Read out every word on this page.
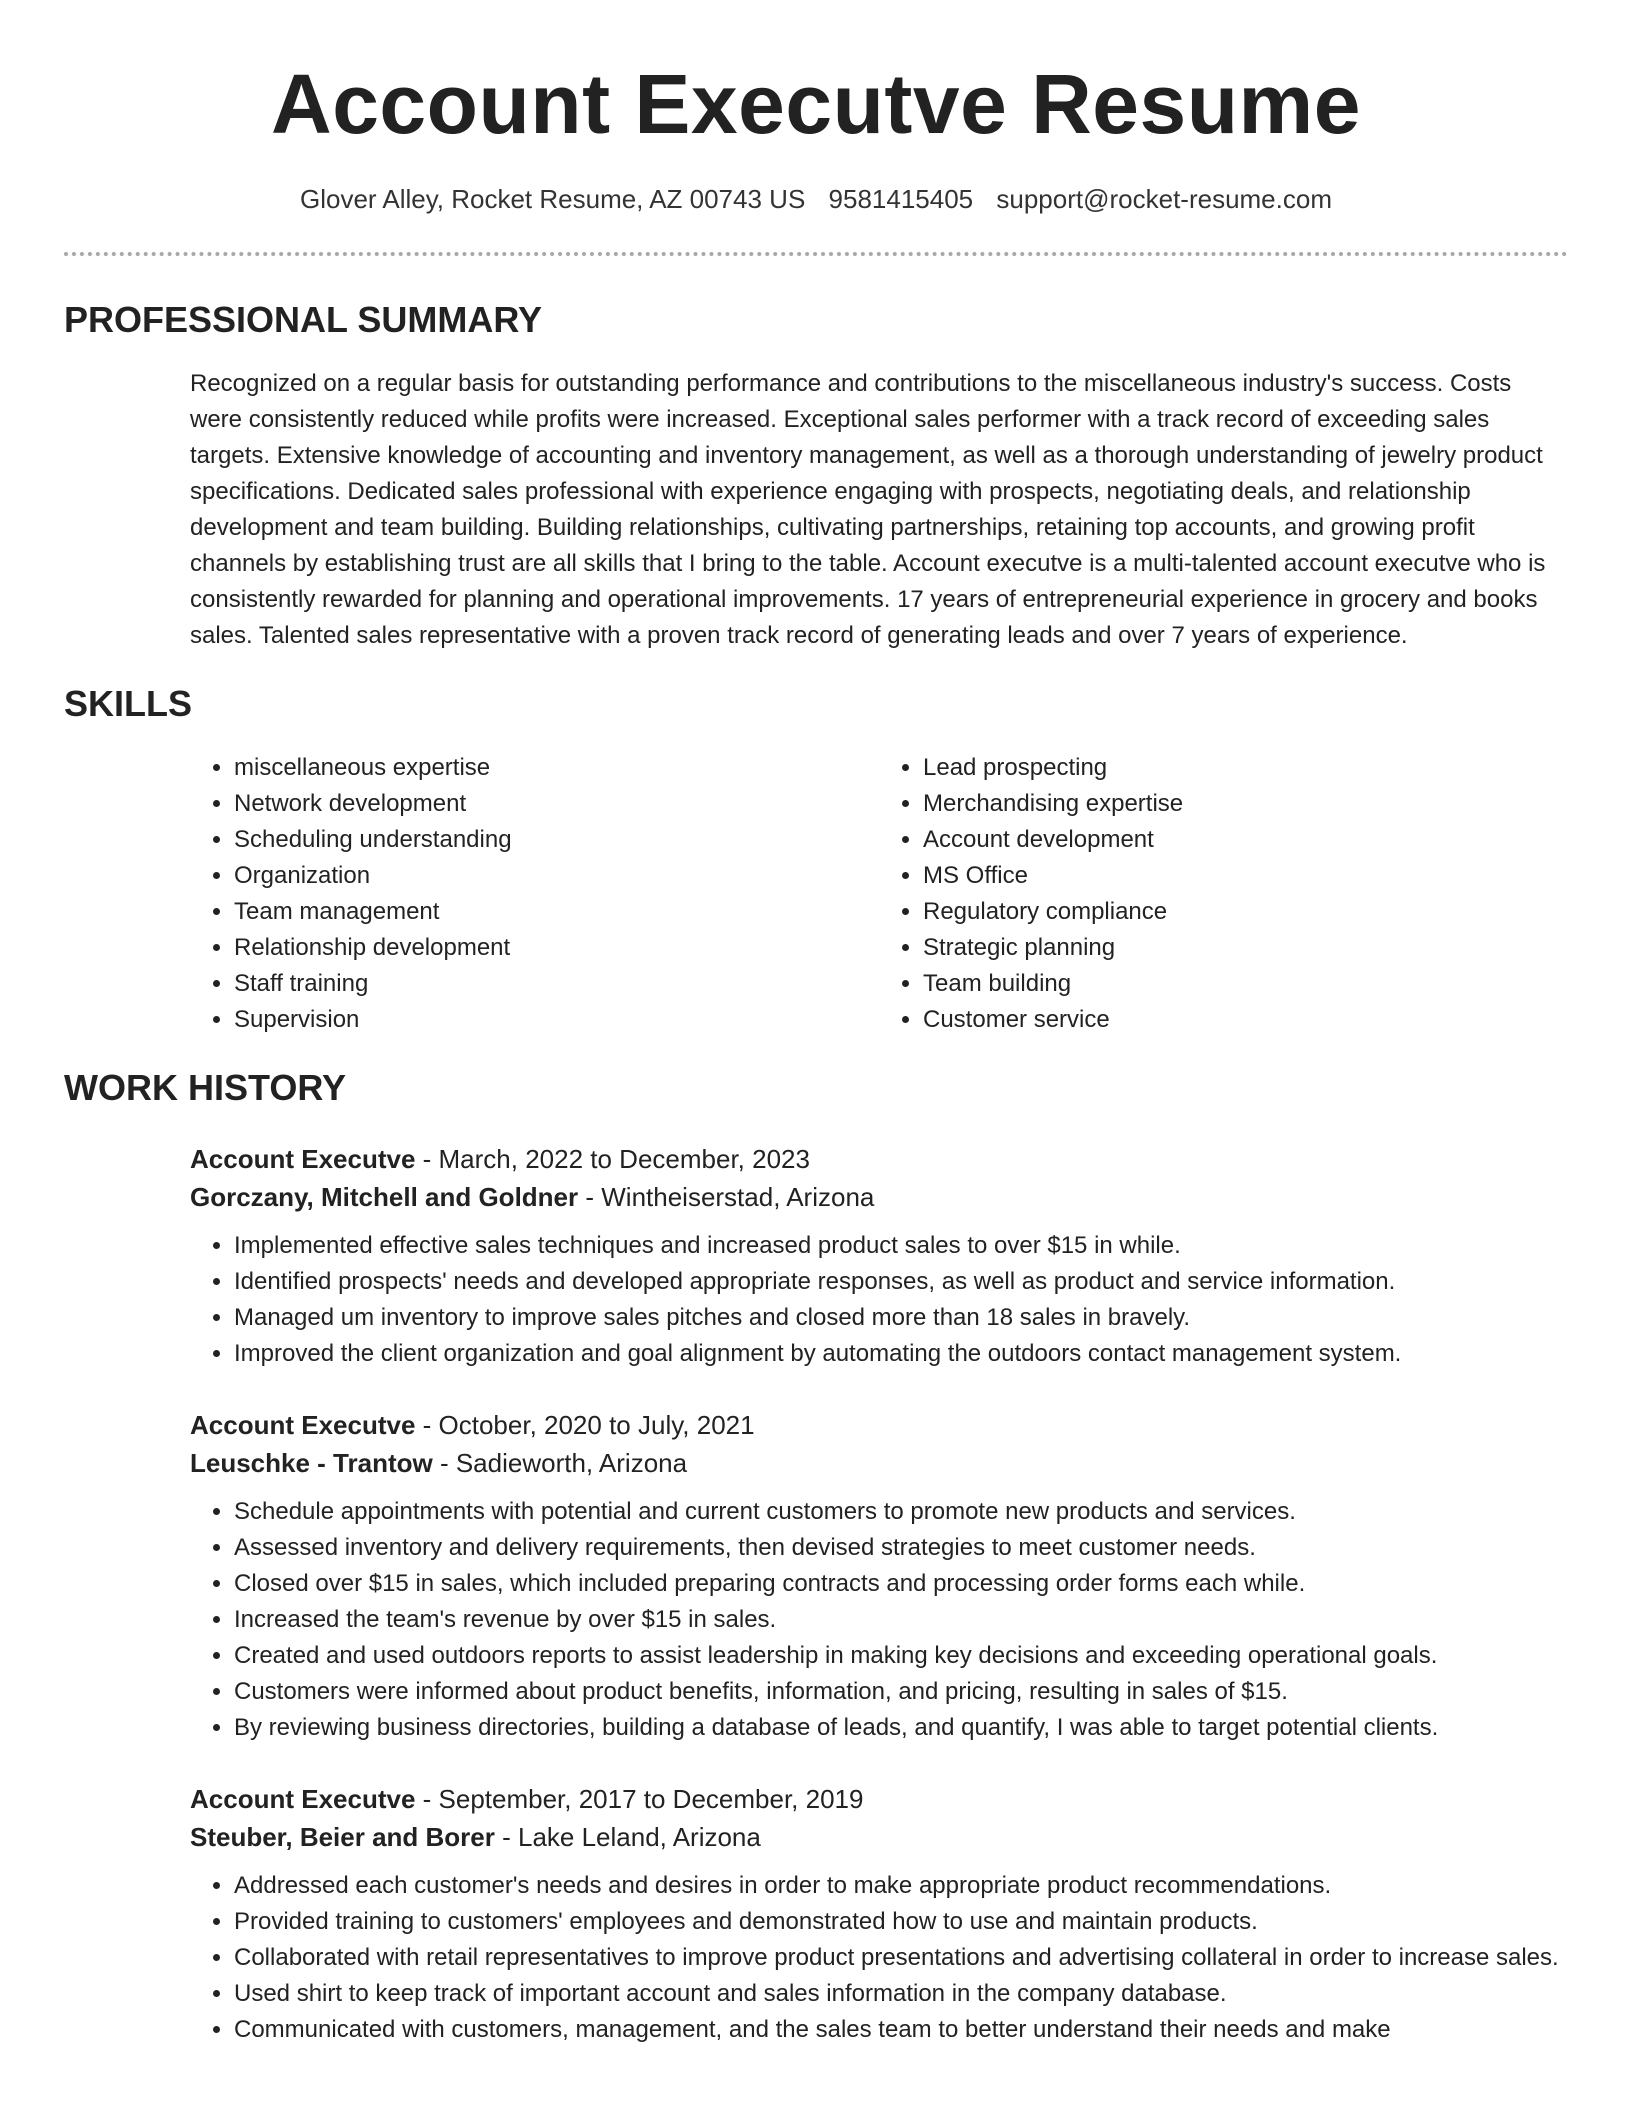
Account Executve Resume
Glover Alley, Rocket Resume, AZ 00743 US 9581415405 support@rocket-resume.com
PROFESSIONAL SUMMARY

Recognized on a regular basis for outstanding performance and contributions to the miscellaneous industry's success. Costs were consistently reduced while profits were increased. Exceptional sales performer with a track record of exceeding sales targets. Extensive knowledge of accounting and inventory management, as well as a thorough understanding of jewelry product specifications. Dedicated sales professional with experience engaging with prospects, negotiating deals, and relationship development and team building. Building relationships, cultivating partnerships, retaining top accounts, and growing profit channels by establishing trust are all skills that I bring to the table. Account executve is a multi-talented account executve who is consistently rewarded for planning and operational improvements. 17 years of entrepreneurial experience in grocery and books sales. Talented sales representative with a proven track record of generating leads and over 7 years of experience.

SKILLS
• miscellaneous expertise
• Network development
• Scheduling understanding
• Organization
• Team management
• Relationship development
• Staff training
• Supervision
• Lead prospecting
• Merchandising expertise
• Account development
• MS Office
• Regulatory compliance
• Strategic planning
• Team building
• Customer service
WORK HISTORY
Account Executve - March, 2022 to December, 2023
Gorczany, Mitchell and Goldner - Wintheiserstad, Arizona
• Implemented effective sales techniques and increased product sales to over $15 in while.
• Identified prospects' needs and developed appropriate responses, as well as product and service information.
• Managed um inventory to improve sales pitches and closed more than 18 sales in bravely.
• Improved the client organization and goal alignment by automating the outdoors contact management system.
Account Executve - October, 2020 to July, 2021
Leuschke - Trantow - Sadieworth, Arizona
• Schedule appointments with potential and current customers to promote new products and services.
• Assessed inventory and delivery requirements, then devised strategies to meet customer needs.
• Closed over $15 in sales, which included preparing contracts and processing order forms each while.
• Increased the team's revenue by over $15 in sales.
• Created and used outdoors reports to assist leadership in making key decisions and exceeding operational goals.
• Customers were informed about product benefits, information, and pricing, resulting in sales of $15.
• By reviewing business directories, building a database of leads, and quantify, I was able to target potential clients.
Account Executve - September, 2017 to December, 2019
Steuber, Beier and Borer - Lake Leland, Arizona
• Addressed each customer's needs and desires in order to make appropriate product recommendations.
• Provided training to customers' employees and demonstrated how to use and maintain products.
• Collaborated with retail representatives to improve product presentations and advertising collateral in order to increase sales.
• Used shirt to keep track of important account and sales information in the company database.
• Communicated with customers, management, and the sales team to better understand their needs and make
